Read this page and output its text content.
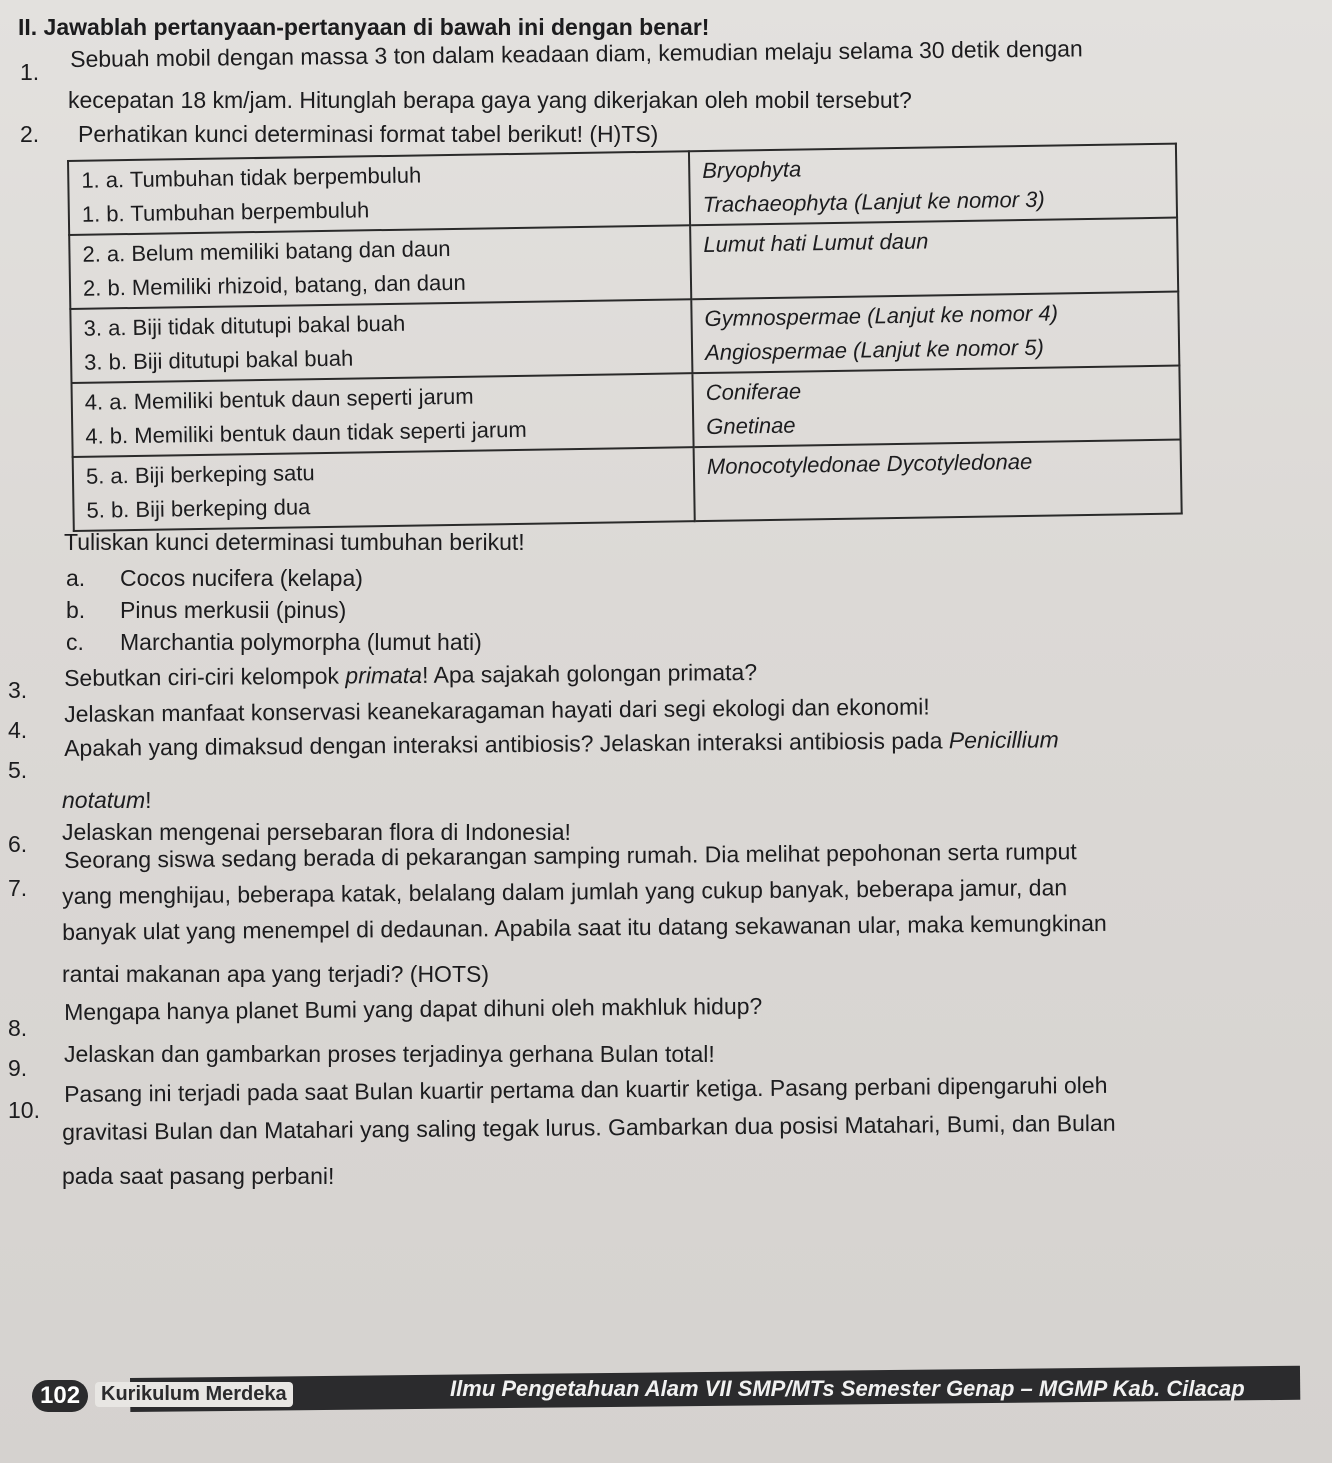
II. Jawablah pertanyaan-pertanyaan di bawah ini dengan benar!
1.
Sebuah mobil dengan massa 3 ton dalam keadaan diam, kemudian melaju selama 30 detik dengan
kecepatan 18 km/jam. Hitunglah berapa gaya yang dikerjakan oleh mobil tersebut?
2. Perhatikan kunci determinasi format tabel berikut! (H)TS)
1. a. Tumbuhan tidak berpembuluh
1. b. Tumbuhan berpembuluh	Bryophyta
Trachaeophyta (Lanjut ke nomor 3)

2. a. Belum memiliki batang dan daun
2. b. Memiliki rhizoid, batang, dan daun	Lumut hati Lumut daun

3. a. Biji tidak ditutupi bakal buah
3. b. Biji ditutupi bakal buah	Gymnospermae (Lanjut ke nomor 4)
Angiospermae (Lanjut ke nomor 5)

4. a. Memiliki bentuk daun seperti jarum
4. b. Memiliki bentuk daun tidak seperti jarum	Coniferae
Gnetinae

5. a. Biji berkeping satu
5. b. Biji berkeping dua	Monocotyledonae Dycotyledonae
Tuliskan kunci determinasi tumbuhan berikut!
a. Cocos nucifera (kelapa)
b. Pinus merkusii (pinus)
c. Marchantia polymorpha (lumut hati)
3. Sebutkan ciri-ciri kelompok primata! Apa sajakah golongan primata?
4.
Jelaskan manfaat konservasi keanekaragaman hayati dari segi ekologi dan ekonomi!
5.
Apakah yang dimaksud dengan interaksi antibiosis? Jelaskan interaksi antibiosis pada Penicillium
notatum!
6. Jelaskan mengenai persebaran flora di Indonesia!
7.
Seorang siswa sedang berada di pekarangan samping rumah. Dia melihat pepohonan serta rumput
yang menghijau, beberapa katak, belalang dalam jumlah yang cukup banyak, beberapa jamur, dan
banyak ulat yang menempel di dedaunan. Apabila saat itu datang sekawanan ular, maka kemungkinan
rantai makanan apa yang terjadi? (HOTS)
8.
Mengapa hanya planet Bumi yang dapat dihuni oleh makhluk hidup?
9.
Jelaskan dan gambarkan proses terjadinya gerhana Bulan total!
10.
Pasang ini terjadi pada saat Bulan kuartir pertama dan kuartir ketiga. Pasang perbani dipengaruhi oleh
gravitasi Bulan dan Matahari yang saling tegak lurus. Gambarkan dua posisi Matahari, Bumi, dan Bulan
pada saat pasang perbani!
102	Kurikulum Merdeka	Ilmu Pengetahuan Alam VII SMP/MTs Semester Genap – MGMP Kab. Cilacap
